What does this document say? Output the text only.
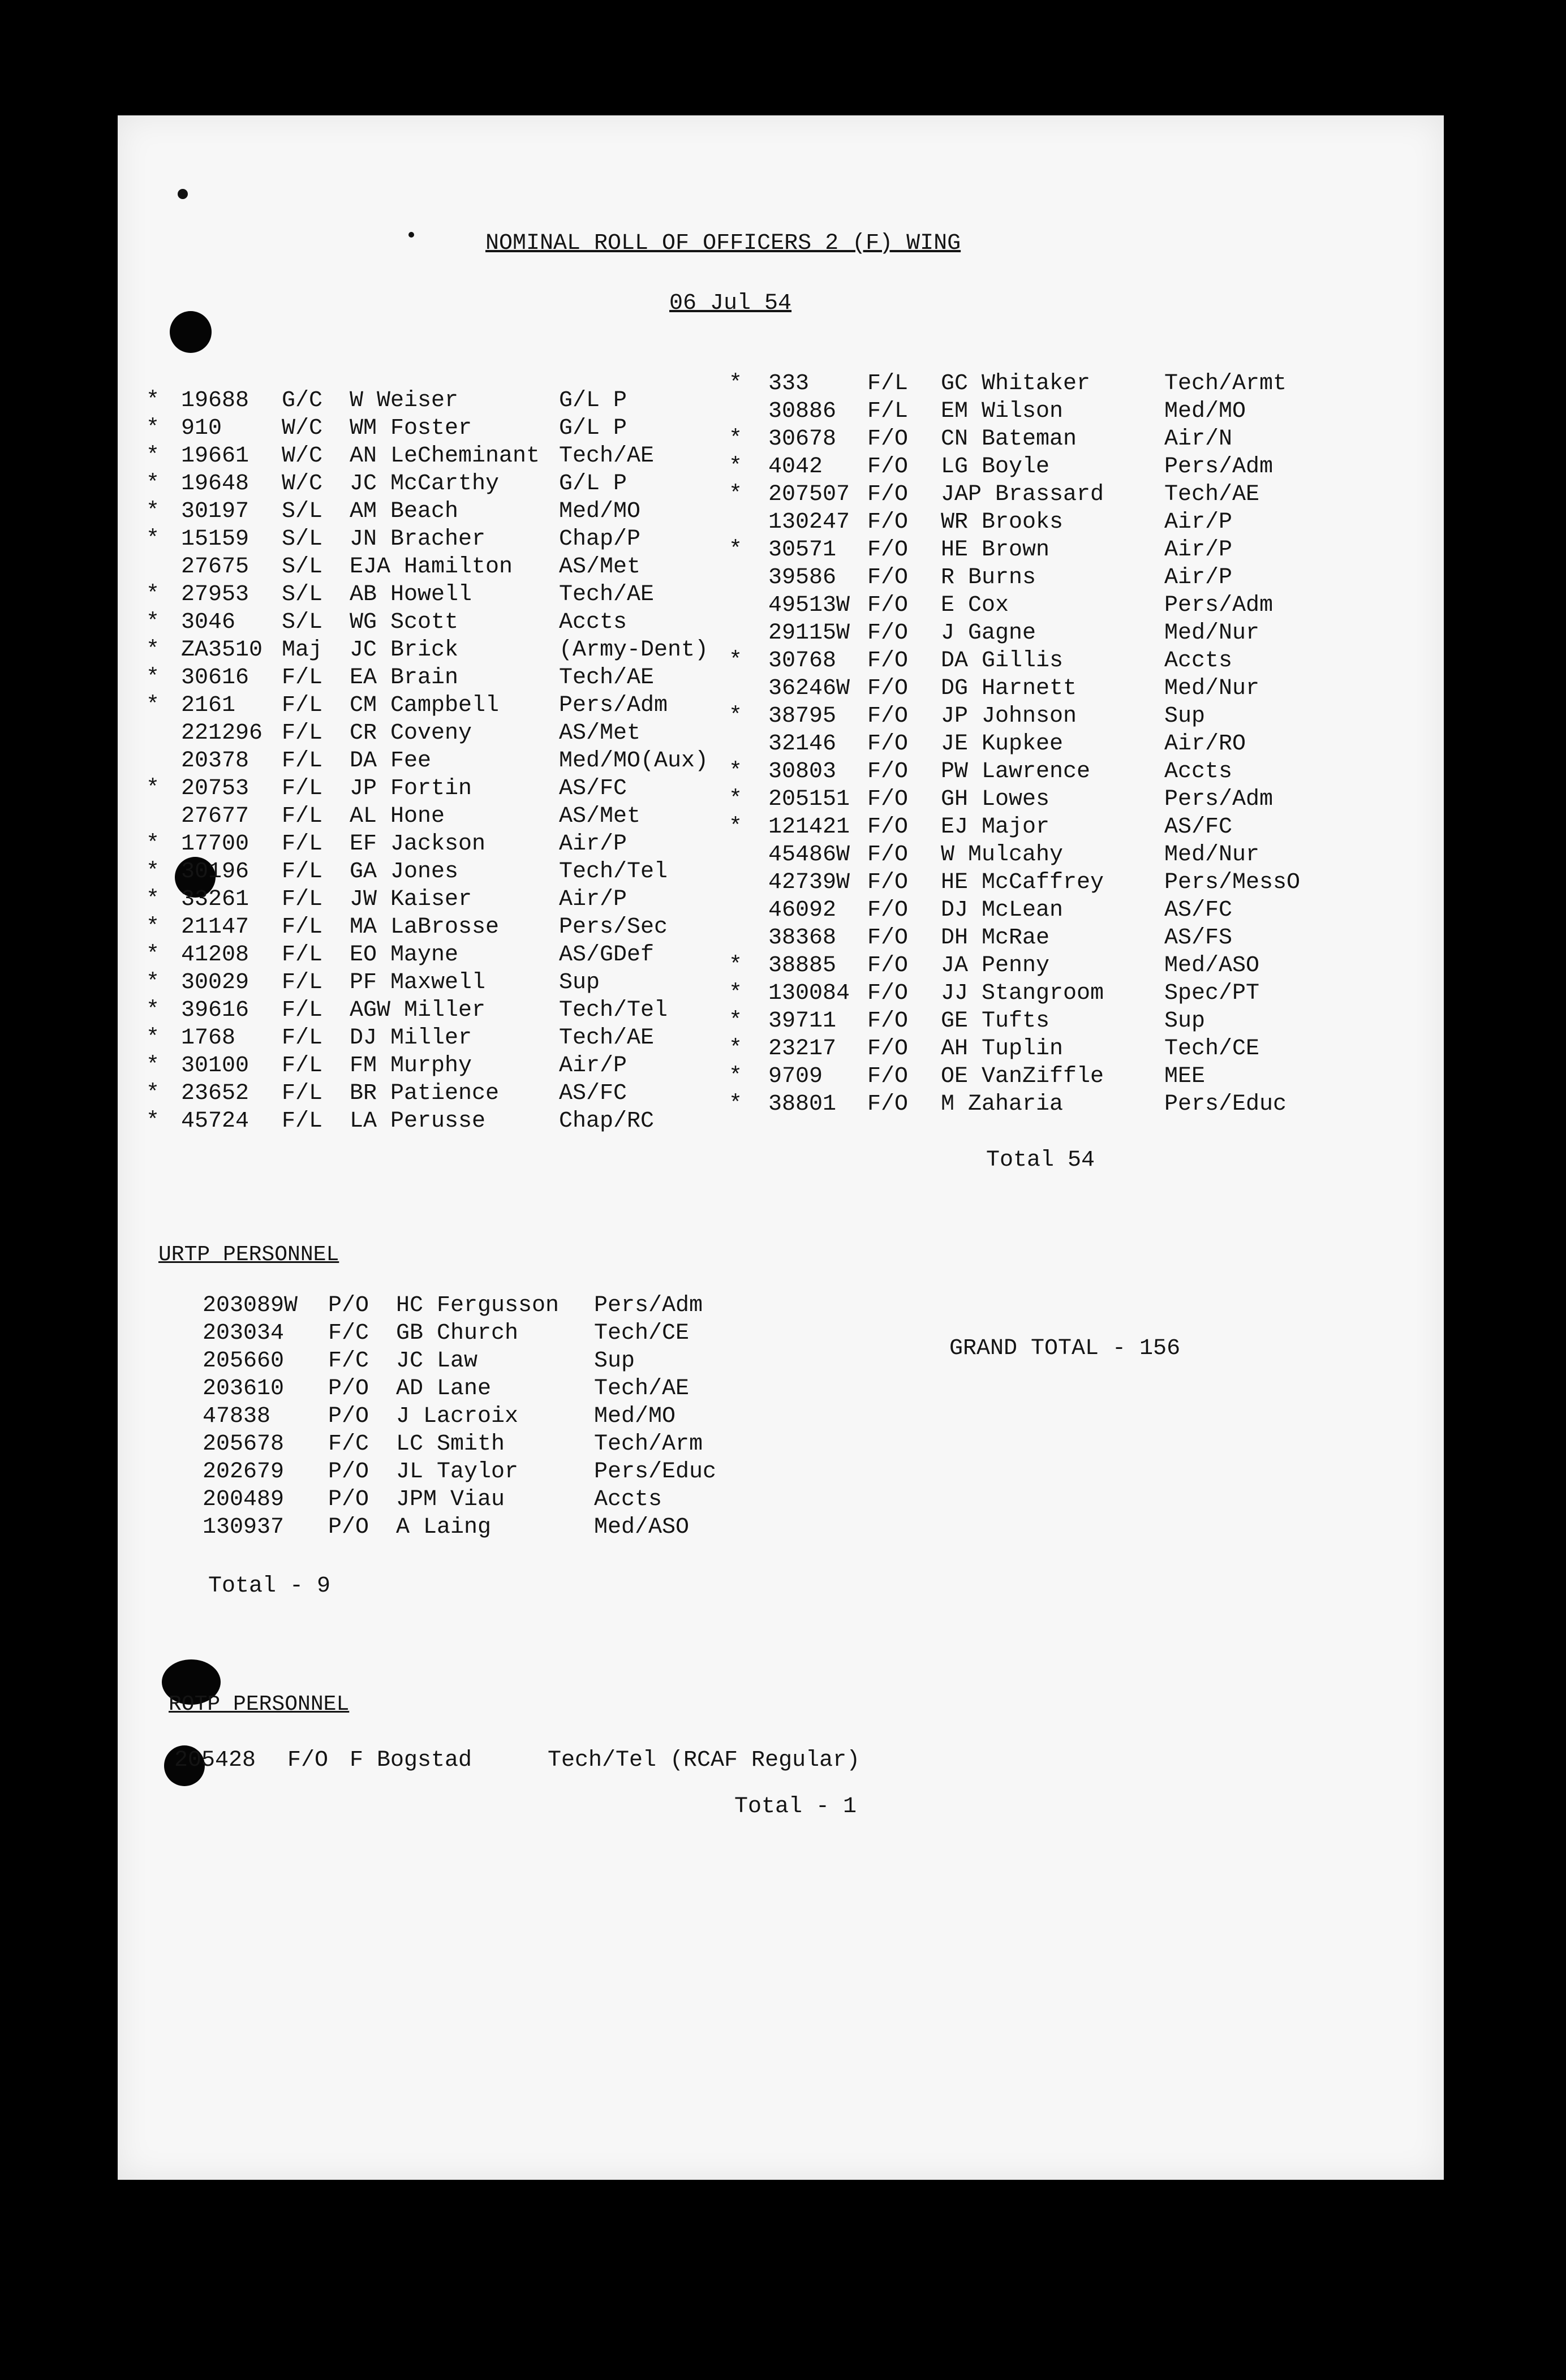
NOMINAL ROLL OF OFFICERS 2 (F) WING
06 Jul 54
* 19688 G/C W Weiser	G/L P
* 910	W/C WM Foster	G/L P
* 19661 W/C AN LeCheminant Tech/AE
* 19648 W/C JC McCarthy	G/L P
* 30197 S/L AM Beach	Med/MO
* 15159 S/L JN Bracher	Chap/P
27675 S/L EJA Hamilton AS/Met
* 27953 S/L AB Howell	Tech/AE
* 3046 S/L WG Scott	Accts
* ZA3510 Maj JC Brick	(Army-Dent)
* 30616 F/L EA Brain	Tech/AE
* 2161 F/L CM Campbell	Pers/Adm
221296 F/L CR Coveny	AS/Met
20378 F/L DA Fee	Med/MO(Aux)
* 20753 F/L JP Fortin	AS/FC
27677 F/L AL Hone	AS/Met
* 17700 F/L EF Jackson	Air/P
* 30196 F/L GA Jones	Tech/Tel
* 33261 F/L JW Kaiser	Air/P
* 21147 F/L MA LaBrosse	Pers/Sec
* 41208 F/L EO Mayne	AS/GDef
* 30029 F/L PF Maxwell	Sup
* 39616 F/L AGW Miller	Tech/Tel
* 1768 F/L DJ Miller	Tech/AE
* 30100 F/L FM Murphy	Air/P
* 23652 F/L BR Patience	AS/FC
* 45724 F/L LA Perusse	Chap/RC
* 333	F/L GC Whitaker	Tech/Armt
30886 F/L EM Wilson	Med/MO
* 30678 F/O CN Bateman	Air/N
* 4042 F/O LG Boyle	Pers/Adm
* 207507 F/O JAP Brassard	Tech/AE
130247 F/O WR Brooks	Air/P
* 30571 F/O HE Brown	Air/P
39586 F/O R Burns	Air/P
49513W F/O E Cox	Pers/Adm
29115W F/O J Gagne	Med/Nur
* 30768 F/O DA Gillis	Accts
36246W F/O DG Harnett	Med/Nur
* 38795 F/O JP Johnson	Sup
32146 F/O JE Kupkee	Air/RO
* 30803 F/O PW Lawrence	Accts
* 205151 F/O GH Lowes	Pers/Adm
* 121421 F/O EJ Major	AS/FC
45486W F/O W Mulcahy	Med/Nur
42739W F/O HE McCaffrey	Pers/MessO
46092 F/O DJ McLean	AS/FC
38368 F/O DH McRae	AS/FS
* 38885 F/O JA Penny	Med/ASO
* 130084 F/O JJ Stangroom	Spec/PT
* 39711 F/O GE Tufts	Sup
* 23217 F/O AH Tuplin	Tech/CE
* 9709 F/O OE VanZiffle	MEE
* 38801 F/O M Zaharia	Pers/Educ
Total 54
URTP PERSONNEL
203089W P/O HC Fergusson Pers/Adm
203034 F/C GB Church	Tech/CE
205660 F/C JC Law	Sup
203610 P/O AD Lane	Tech/AE
47838	P/O J Lacroix	Med/MO
205678 F/C LC Smith	Tech/Arm
202679 P/O JL Taylor	Pers/Educ
200489 P/O JPM Viau	Accts
130937 P/O A Laing	Med/ASO
Total - 9
GRAND TOTAL - 156
ROTP PERSONNEL
205428 F/O F Bogstad	Tech/Tel (RCAF Regular)
Total - 1
